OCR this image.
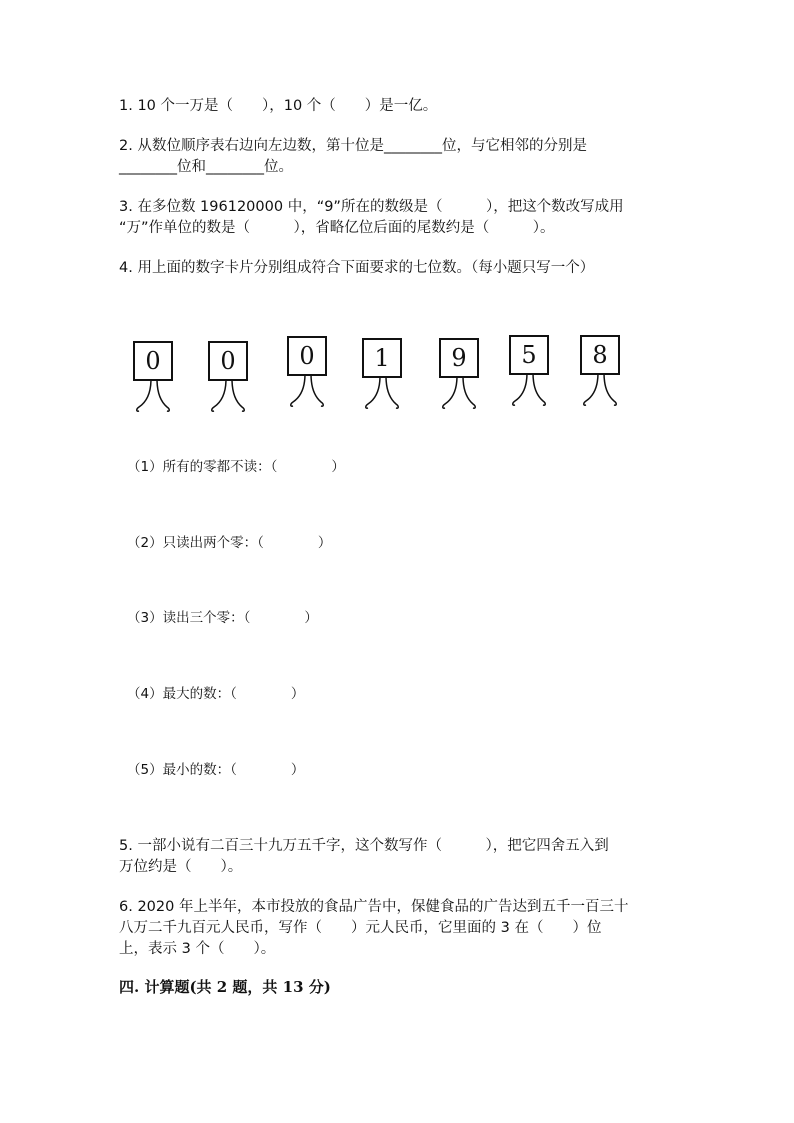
1. 10 个一万是（　　），10 个（　　）是一亿。

2. 从数位顺序表右边向左边数，第十位是________位，与它相邻的分别是

________位和________位。

3. 在多位数 196120000 中，“9”所在的数级是（　　　），把这个数改写成用

“万”作单位的数是（　　　），省略亿位后面的尾数约是（　　　）。

4. 用上面的数字卡片分别组成符合下面要求的七位数。（每小题只写一个）

0 0	0 1	9 5 8

（1）所有的零都不读：（　　　　）

（2）只读出两个零：（　　　　）

（3）读出三个零：（　　　　）

（4）最大的数：（　　　　）

（5）最小的数：（　　　　）

5. 一部小说有二百三十九万五千字，这个数写作（　　　），把它四舍五入到

万位约是（　　）。

6. 2020 年上半年，本市投放的食品广告中，保健食品的广告达到五千一百三十

八万二千九百元人民币，写作（　　）元人民币，它里面的 3 在（　　）位

上，表示 3 个（　　）。

四. 计算题(共 2 题，共 13 分)
